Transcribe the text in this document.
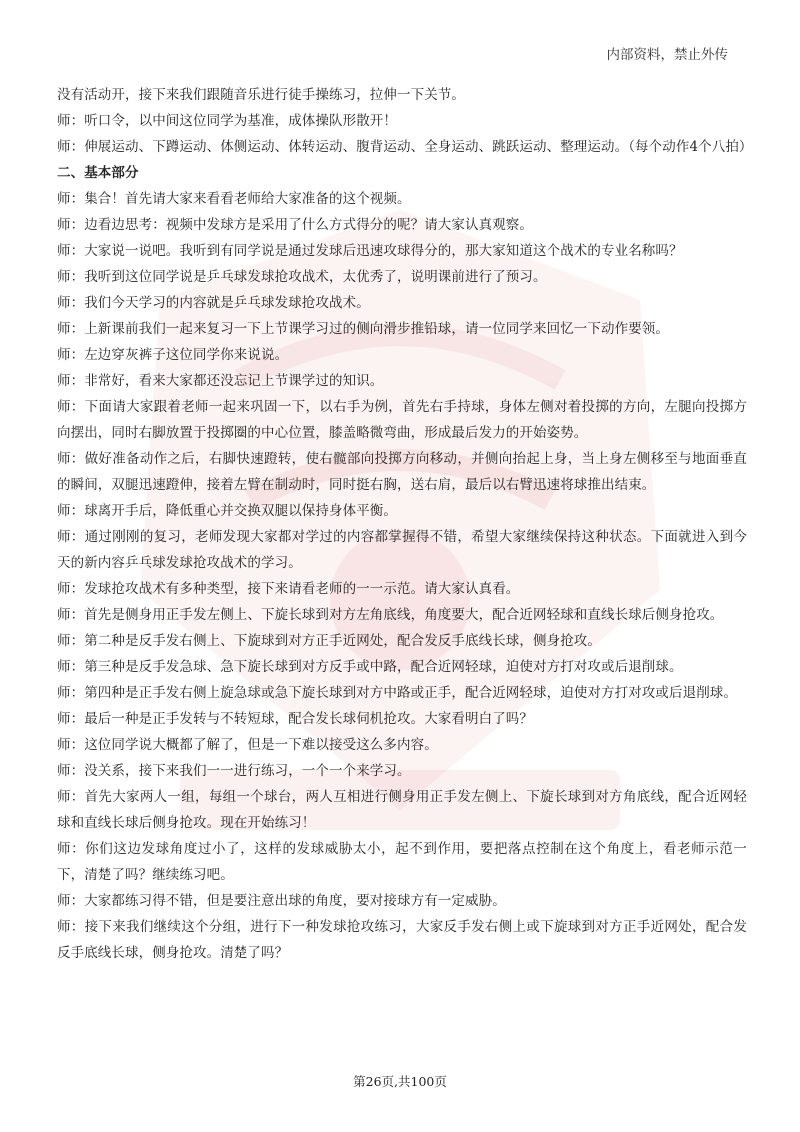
内部资料，禁止外传

没有活动开，接下来我们跟随音乐进行徒手操练习，拉伸一下关节。

师：听口令，以中间这位同学为基准，成体操队形散开！

师：伸展运动、下蹲运动、体侧运动、体转运动、腹背运动、全身运动、跳跃运动、整理运动。（每个动作4个八拍）

二、基本部分

师：集合！首先请大家来看看老师给大家准备的这个视频。

师：边看边思考：视频中发球方是采用了什么方式得分的呢？请大家认真观察。

师：大家说一说吧。我听到有同学说是通过发球后迅速攻球得分的，那大家知道这个战术的专业名称吗？

师：我听到这位同学说是乒乓球发球抢攻战术，太优秀了，说明课前进行了预习。

师：我们今天学习的内容就是乒乓球发球抢攻战术。

师：上新课前我们一起来复习一下上节课学习过的侧向滑步推铅球，请一位同学来回忆一下动作要领。

师：左边穿灰裤子这位同学你来说说。

师：非常好，看来大家都还没忘记上节课学过的知识。

师：下面请大家跟着老师一起来巩固一下，以右手为例，首先右手持球，身体左侧对着投掷的方向，左腿向投掷方向摆出，同时右脚放置于投掷圈的中心位置，膝盖略微弯曲，形成最后发力的开始姿势。

师：做好准备动作之后，右脚快速蹬转，使右髋部向投掷方向移动，并侧向抬起上身，当上身左侧移至与地面垂直的瞬间，双腿迅速蹬伸，接着左臂在制动时，同时挺右胸，送右肩，最后以右臂迅速将球推出结束。

师：球离开手后，降低重心并交换双腿以保持身体平衡。

师：通过刚刚的复习，老师发现大家都对学过的内容都掌握得不错，希望大家继续保持这种状态。下面就进入到今天的新内容乒乓球发球抢攻战术的学习。

师：发球抢攻战术有多种类型，接下来请看老师的一一示范。请大家认真看。

师：首先是侧身用正手发左侧上、下旋长球到对方左角底线，角度要大，配合近网轻球和直线长球后侧身抢攻。

师：第二种是反手发右侧上、下旋球到对方正手近网处，配合发反手底线长球，侧身抢攻。

师：第三种是反手发急球、急下旋长球到对方反手或中路，配合近网轻球，迫使对方打对攻或后退削球。

师：第四种是正手发右侧上旋急球或急下旋长球到对方中路或正手，配合近网轻球，迫使对方打对攻或后退削球。

师：最后一种是正手发转与不转短球，配合发长球伺机抢攻。大家看明白了吗？

师：这位同学说大概都了解了，但是一下难以接受这么多内容。

师：没关系，接下来我们一一进行练习，一个一个来学习。

师：首先大家两人一组，每组一个球台，两人互相进行侧身用正手发左侧上、下旋长球到对方角底线，配合近网轻球和直线长球后侧身抢攻。现在开始练习！

师：你们这边发球角度过小了，这样的发球威胁太小，起不到作用，要把落点控制在这个角度上，看老师示范一下，清楚了吗？继续练习吧。

师：大家都练习得不错，但是要注意出球的角度，要对接球方有一定威胁。

师：接下来我们继续这个分组，进行下一种发球抢攻练习，大家反手发右侧上或下旋球到对方正手近网处，配合发反手底线长球，侧身抢攻。清楚了吗？

第26页,共100页
